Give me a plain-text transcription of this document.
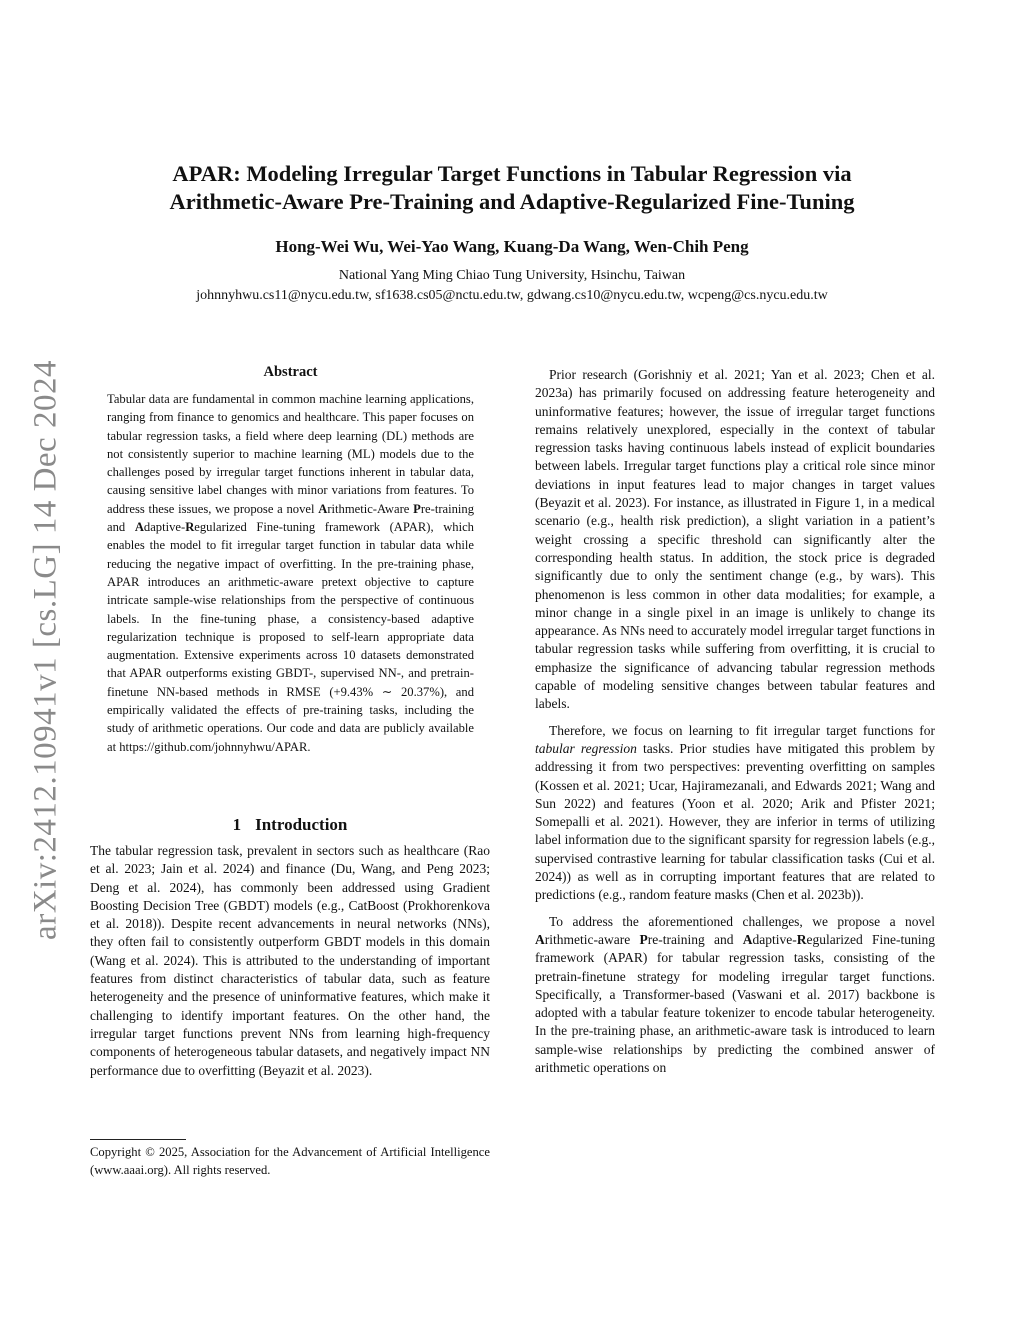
arXiv:2412.10941v1 [cs.LG] 14 Dec 2024
APAR: Modeling Irregular Target Functions in Tabular Regression via
Arithmetic-Aware Pre-Training and Adaptive-Regularized Fine-Tuning
Hong-Wei Wu, Wei-Yao Wang, Kuang-Da Wang, Wen-Chih Peng
National Yang Ming Chiao Tung University, Hsinchu, Taiwan
johnnyhwu.cs11@nycu.edu.tw, sf1638.cs05@nctu.edu.tw, gdwang.cs10@nycu.edu.tw, wcpeng@cs.nycu.edu.tw
Abstract

Tabular data are fundamental in common machine learning applications, ranging from finance to genomics and healthcare. This paper focuses on tabular regression tasks, a field where deep learning (DL) methods are not consistently superior to machine learning (ML) models due to the challenges posed by irregular target functions inherent in tabular data, causing sensitive label changes with minor variations from features. To address these issues, we propose a novel Arithmetic-Aware Pre-training and Adaptive-Regularized Fine-tuning framework (APAR), which enables the model to fit irregular target function in tabular data while reducing the negative impact of overfitting. In the pre-training phase, APAR introduces an arithmetic-aware pretext objective to capture intricate sample-wise relationships from the perspective of continuous labels. In the fine-tuning phase, a consistency-based adaptive regularization technique is proposed to self-learn appropriate data augmentation. Extensive experiments across 10 datasets demonstrated that APAR outperforms existing GBDT-, supervised NN-, and pretrain-finetune NN-based methods in RMSE (+9.43% ∼ 20.37%), and empirically validated the effects of pre-training tasks, including the study of arithmetic operations. Our code and data are publicly available at https://github.com/johnnyhwu/APAR.

1 Introduction

The tabular regression task, prevalent in sectors such as healthcare (Rao et al. 2023; Jain et al. 2024) and finance (Du, Wang, and Peng 2023; Deng et al. 2024), has commonly been addressed using Gradient Boosting Decision Tree (GBDT) models (e.g., CatBoost (Prokhorenkova et al. 2018)). Despite recent advancements in neural networks (NNs), they often fail to consistently outperform GBDT models in this domain (Wang et al. 2024). This is attributed to the understanding of important features from distinct characteristics of tabular data, such as feature heterogeneity and the presence of uninformative features, which make it challenging to identify important features. On the other hand, the irregular target functions prevent NNs from learning high-frequency components of heterogeneous tabular datasets, and negatively impact NN performance due to overfitting (Beyazit et al. 2023).

Copyright © 2025, Association for the Advancement of Artificial Intelligence (www.aaai.org). All rights reserved.

Prior research (Gorishniy et al. 2021; Yan et al. 2023; Chen et al. 2023a) has primarily focused on addressing feature heterogeneity and uninformative features; however, the issue of irregular target functions remains relatively unexplored, especially in the context of tabular regression tasks having continuous labels instead of explicit boundaries between labels. Irregular target functions play a critical role since minor deviations in input features lead to major changes in target values (Beyazit et al. 2023). For instance, as illustrated in Figure 1, in a medical scenario (e.g., health risk prediction), a slight variation in a patient’s weight crossing a specific threshold can significantly alter the corresponding health status. In addition, the stock price is degraded significantly due to only the sentiment change (e.g., by wars). This phenomenon is less common in other data modalities; for example, a minor change in a single pixel in an image is unlikely to change its appearance. As NNs need to accurately model irregular target functions in tabular regression tasks while suffering from overfitting, it is crucial to emphasize the significance of advancing tabular regression methods capable of modeling sensitive changes between tabular features and labels.

Therefore, we focus on learning to fit irregular target functions for tabular regression tasks. Prior studies have mitigated this problem by addressing it from two perspectives: preventing overfitting on samples (Kossen et al. 2021; Ucar, Hajiramezanali, and Edwards 2021; Wang and Sun 2022) and features (Yoon et al. 2020; Arik and Pfister 2021; Somepalli et al. 2021). However, they are inferior in terms of utilizing label information due to the significant sparsity for regression labels (e.g., supervised contrastive learning for tabular classification tasks (Cui et al. 2024)) as well as in corrupting important features that are related to predictions (e.g., random feature masks (Chen et al. 2023b)).

To address the aforementioned challenges, we propose a novel Arithmetic-aware Pre-training and Adaptive-Regularized Fine-tuning framework (APAR) for tabular regression tasks, consisting of the pretrain-finetune strategy for modeling irregular target functions. Specifically, a Transformer-based (Vaswani et al. 2017) backbone is adopted with a tabular feature tokenizer to encode tabular heterogeneity. In the pre-training phase, an arithmetic-aware task is introduced to learn sample-wise relationships by predicting the combined answer of arithmetic operations on
